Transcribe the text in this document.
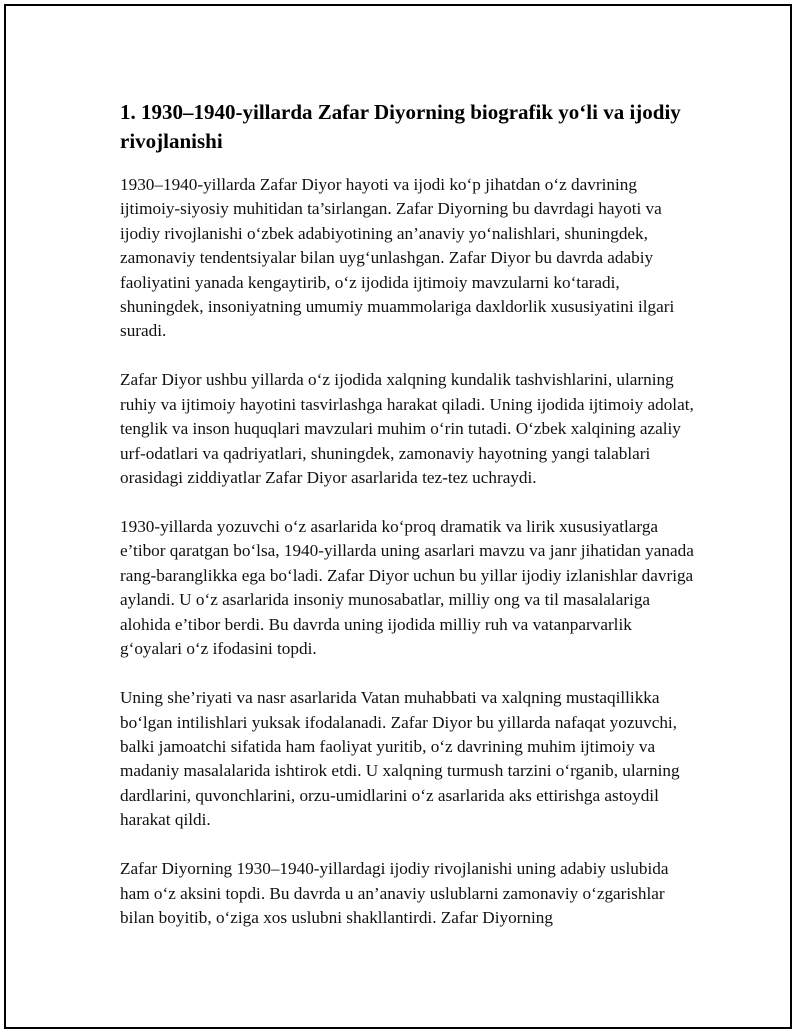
1. 1930–1940-yillarda Zafar Diyorning biografik yo‘li va ijodiy rivojlanishi

1930–1940-yillarda Zafar Diyor hayoti va ijodi ko‘p jihatdan o‘z davrining ijtimoiy-siyosiy muhitidan ta’sirlangan. Zafar Diyorning bu davrdagi hayoti va ijodiy rivojlanishi o‘zbek adabiyotining an’anaviy yo‘nalishlari, shuningdek, zamonaviy tendentsiyalar bilan uyg‘unlashgan. Zafar Diyor bu davrda adabiy faoliyatini yanada kengaytirib, o‘z ijodida ijtimoiy mavzularni ko‘taradi, shuningdek, insoniyatning umumiy muammolariga daxldorlik xususiyatini ilgari suradi.

Zafar Diyor ushbu yillarda o‘z ijodida xalqning kundalik tashvishlarini, ularning ruhiy va ijtimoiy hayotini tasvirlashga harakat qiladi. Uning ijodida ijtimoiy adolat, tenglik va inson huquqlari mavzulari muhim o‘rin tutadi. O‘zbek xalqining azaliy urf-odatlari va qadriyatlari, shuningdek, zamonaviy hayotning yangi talablari orasidagi ziddiyatlar Zafar Diyor asarlarida tez-tez uchraydi.

1930-yillarda yozuvchi o‘z asarlarida ko‘proq dramatik va lirik xususiyatlarga e’tibor qaratgan bo‘lsa, 1940-yillarda uning asarlari mavzu va janr jihatidan yanada rang-baranglikka ega bo‘ladi. Zafar Diyor uchun bu yillar ijodiy izlanishlar davriga aylandi. U o‘z asarlarida insoniy munosabatlar, milliy ong va til masalalariga alohida e’tibor berdi. Bu davrda uning ijodida milliy ruh va vatanparvarlik g‘oyalari o‘z ifodasini topdi.

Uning she’riyati va nasr asarlarida Vatan muhabbati va xalqning mustaqillikka bo‘lgan intilishlari yuksak ifodalanadi. Zafar Diyor bu yillarda nafaqat yozuvchi, balki jamoatchi sifatida ham faoliyat yuritib, o‘z davrining muhim ijtimoiy va madaniy masalalarida ishtirok etdi. U xalqning turmush tarzini o‘rganib, ularning dardlarini, quvonchlarini, orzu-umidlarini o‘z asarlarida aks ettirishga astoydil harakat qildi.

Zafar Diyorning 1930–1940-yillardagi ijodiy rivojlanishi uning adabiy uslubida ham o‘z aksini topdi. Bu davrda u an’anaviy uslublarni zamonaviy o‘zgarishlar bilan boyitib, o‘ziga xos uslubni shakllantirdi. Zafar Diyorning
